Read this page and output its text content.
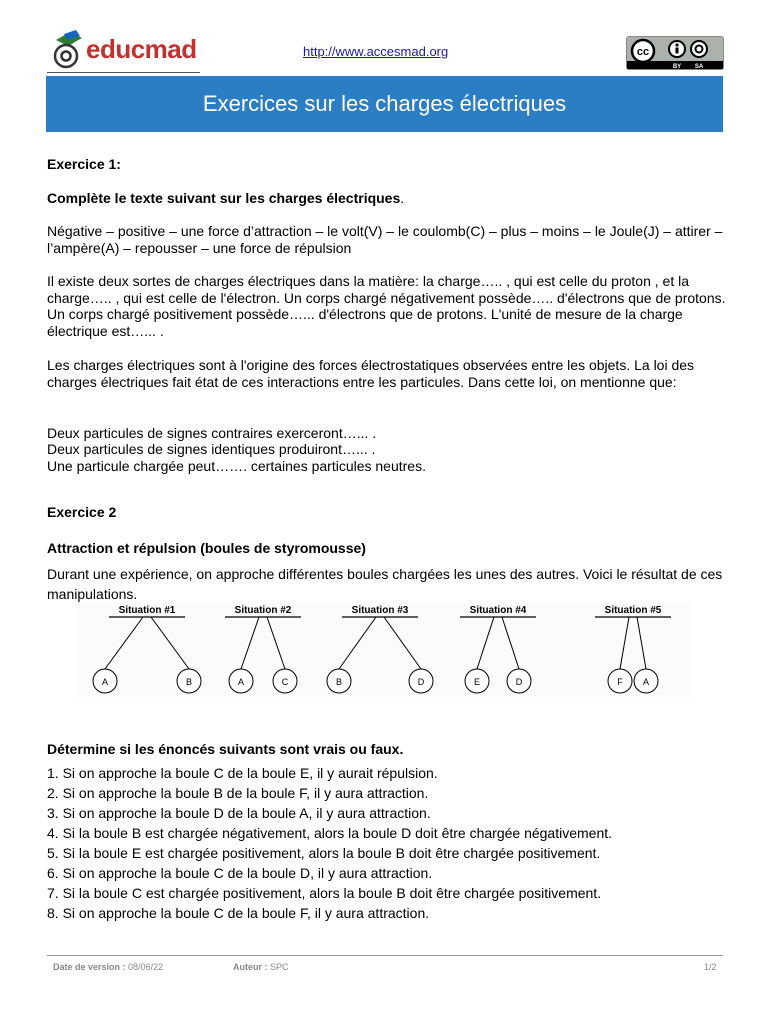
educmad	http://www.accesmad.org	cc
BY SA
Exercices sur les charges électriques
Exercice 1:
Complète le texte suivant sur les charges électriques.
Négative – positive – une force d’attraction – le volt(V) – le coulomb(C) – plus – moins – le Joule(J) – attirer – l’ampère(A) – repousser – une force de répulsion
Il existe deux sortes de charges électriques dans la matière: la charge….. , qui est celle du proton , et la charge….. , qui est celle de l'électron. Un corps chargé négativement possède….. d'électrons que de protons. Un corps chargé positivement possède…... d'électrons que de protons. L'unité de mesure de la charge électrique est…... .
Les charges électriques sont à l'origine des forces électrostatiques observées entre les objets. La loi des charges électriques fait état de ces interactions entre les particules. Dans cette loi, on mentionne que:
Deux particules de signes contraires exerceront…... .
Deux particules de signes identiques produiront…... .
Une particule chargée peut……. certaines particules neutres.
Exercice 2
Attraction et répulsion (boules de styromousse)
Durant une expérience, on approche différentes boules chargées les unes des autres. Voici le résultat de ces manipulations.
Situation #1
A	B
Situation #2
A	C
Situation #3
B	D
Situation #4
E	D
Situation #5
F A
Détermine si les énoncés suivants sont vrais ou faux.
1. Si on approche la boule C de la boule E, il y aurait répulsion.
2. Si on approche la boule B de la boule F, il y aura attraction.
3. Si on approche la boule D de la boule A, il y aura attraction.
4. Si la boule B est chargée négativement, alors la boule D doit être chargée négativement.
5. Si la boule E est chargée positivement, alors la boule B doit être chargée positivement.
6. Si on approche la boule C de la boule D, il y aura attraction.
7. Si la boule C est chargée positivement, alors la boule B doit être chargée positivement.
8. Si on approche la boule C de la boule F, il y aura attraction.
Date de version : 08/06/22	Auteur : SPC	1/2
